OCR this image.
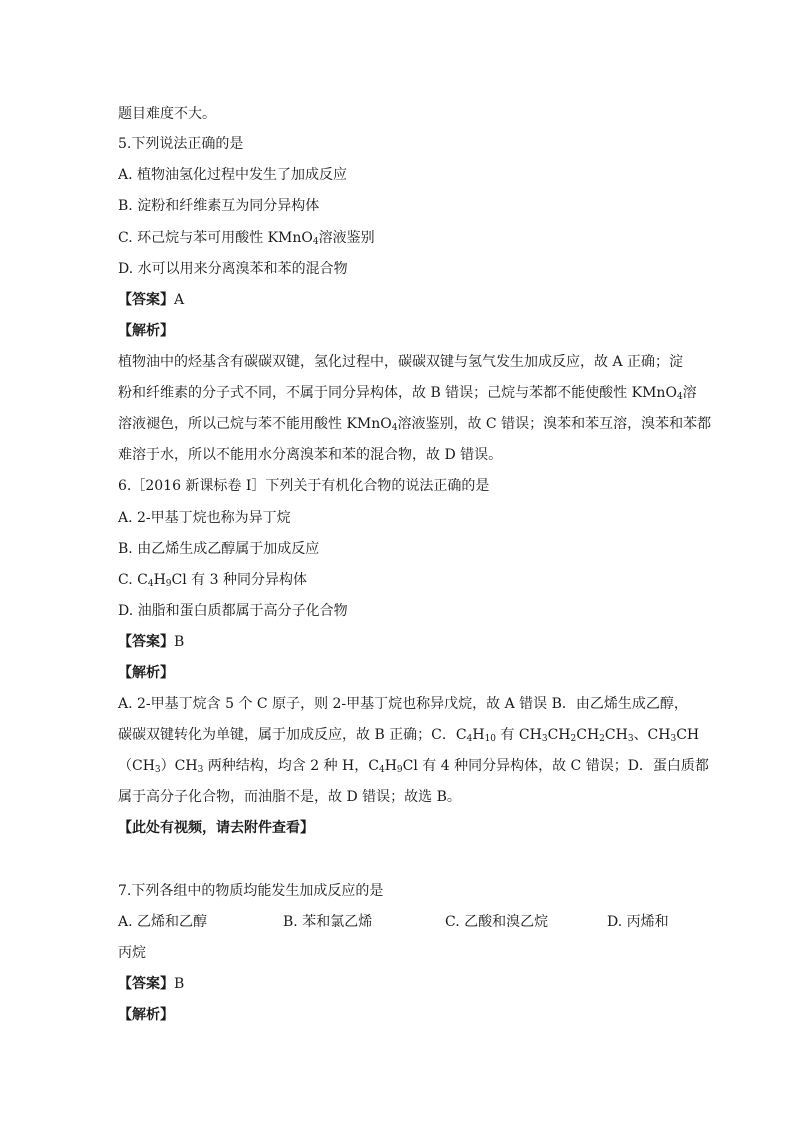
题目难度不大。
5.下列说法正确的是
A. 植物油氢化过程中发生了加成反应
B. 淀粉和纤维素互为同分异构体
C. 环己烷与苯可用酸性 KMnO$_4$溶液鉴别
D. 水可以用来分离溴苯和苯的混合物
【答案】A
【解析】
植物油中的烃基含有碳碳双键，氢化过程中，碳碳双键与氢气发生加成反应，故 A 正确；淀
粉和纤维素的分子式不同，不属于同分异构体，故 B 错误；己烷与苯都不能使酸性 KMnO$_4$溶
溶液褪色，所以己烷与苯不能用酸性 KMnO$_4$溶液鉴别，故 C 错误；溴苯和苯互溶，溴苯和苯都
难溶于水，所以不能用水分离溴苯和苯的混合物，故 D 错误。
6.［2016 新课标卷 I］下列关于有机化合物的说法正确的是
A. 2-甲基丁烷也称为异丁烷
B. 由乙烯生成乙醇属于加成反应
C. $C_4H_9Cl$ 有 3 种同分异构体
D. 油脂和蛋白质都属于高分子化合物
【答案】B
【解析】
A. 2-甲基丁烷含 5 个 C 原子，则 2-甲基丁烷也称异戊烷，故 A 错误 B．由乙烯生成乙醇，
碳碳双键转化为单键，属于加成反应，故 B 正确；C．$C_4H_{10}$ 有 $CH_3CH_2CH_2CH_3$、$CH_3CH$
$(CH_3)CH_3$ 两种结构，均含 2 种 H，$C_4H_9Cl$ 有 4 种同分异构体，故 C 错误；D．蛋白质都
属于高分子化合物，而油脂不是，故 D 错误；故选 B。
【此处有视频，请去附件查看】
7.下列各组中的物质均能发生加成反应的是
A. 乙烯和乙醇	B. 苯和氯乙烯	C. 乙酸和溴乙烷	D. 丙烯和
丙烷
【答案】B
【解析】
